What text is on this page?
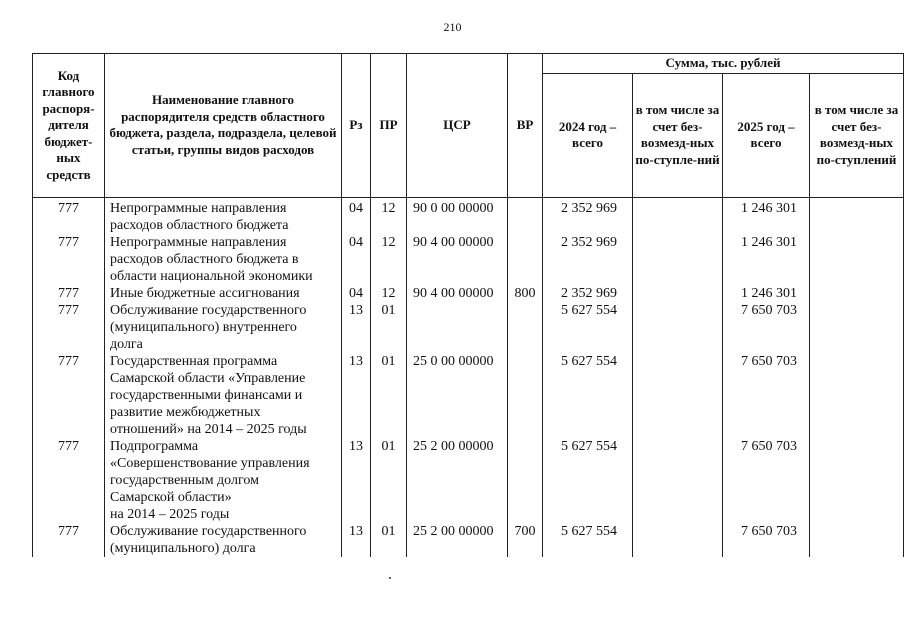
210
Код главного распоря-дителя бюджет-ных средств	Наименование главного распорядителя средств областного бюджета, раздела, подраздела, целевой статьи, группы видов расходов	Рз	ПР	ЦСР	ВР	Сумма, тыс. рублей			
						2024 год – всего	в том числе за счет без-возмезд-ных по-ступле-ний	2025 год – всего	в том числе за счет без-возмезд-ных по-ступлений
777	Непрограммные направления
расходов областного бюджета	04	12	90 0 00 00000		2 352 969		1 246 301	
777	Непрограммные направления
расходов областного бюджета в
области национальной экономики	04	12	90 4 00 00000		2 352 969		1 246 301	
777	Иные бюджетные ассигнования	04	12	90 4 00 00000	800	2 352 969		1 246 301	
777	Обслуживание государственного
(муниципального) внутреннего
долга	13	01			5 627 554		7 650 703	
777	Государственная программа
Самарской области «Управление
государственными финансами и
развитие межбюджетных
отношений» на 2014 – 2025 годы	13	01	25 0 00 00000		5 627 554		7 650 703	
777	Подпрограмма
«Совершенствование управления
государственным долгом
Самарской области»
на 2014 – 2025 годы	13	01	25 2 00 00000		5 627 554		7 650 703	
777	Обслуживание государственного
(муниципального) долга	13	01	25 2 00 00000	700	5 627 554		7 650 703	
